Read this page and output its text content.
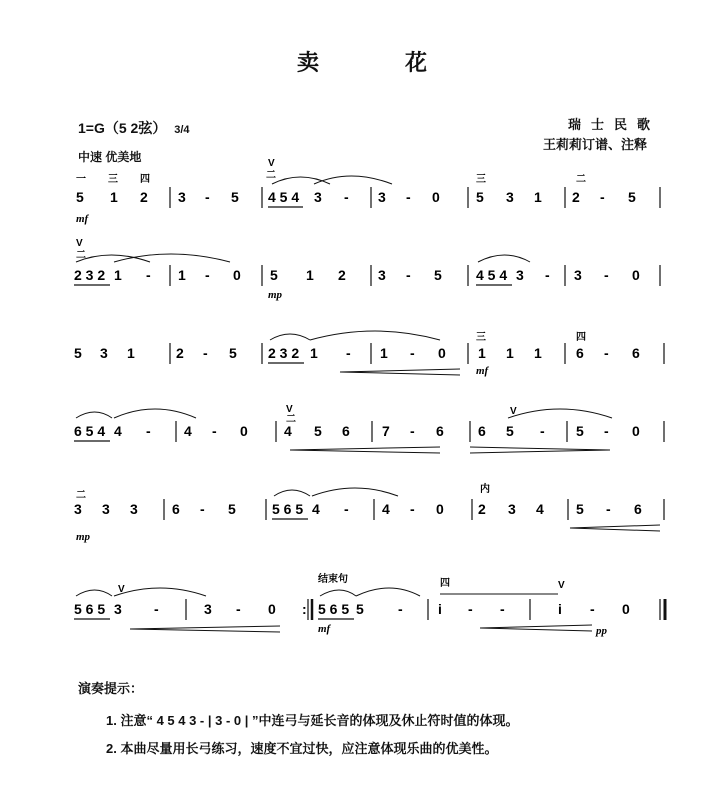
卖 花
1=G（5 2弦） 3/4
中速 优美地
瑞士民歌
王莉莉订谱、注释
5 1 2 3 - 5 4 5 4 3 - 3 - 0	5 3 1 2 - 5
mf
2 3 2 1 - 1 - 0 5 1 2 3 - 5 4 5 4 3 - 3 - 0
mp
5 3 1	2 - 5 2 3 2 1 - 1 - 0 1 1 1 6 - 6
mf
6 5 4 4 - 4 - 0	4 5 6 7 - 6 6 5 - 5 - 0
3 3 3 6 - 5	5 6 5 4 - 4 - 0 2 3 4 5 - 6
mp
5 6 5 3 -	3 - 0 : 5 6 5 5 -	i - -	i - 0
结束句
mf	pp
一 三 四
V
二	三	二
V
二
三	四
V
二
V
二
内
V
四	V
演奏提示：
1. 注意“ 4 5 4 3 - | 3 - 0 | ”中连弓与延长音的体现及休止符时值的体现。
2. 本曲尽量用长弓练习，速度不宜过快，应注意体现乐曲的优美性。
